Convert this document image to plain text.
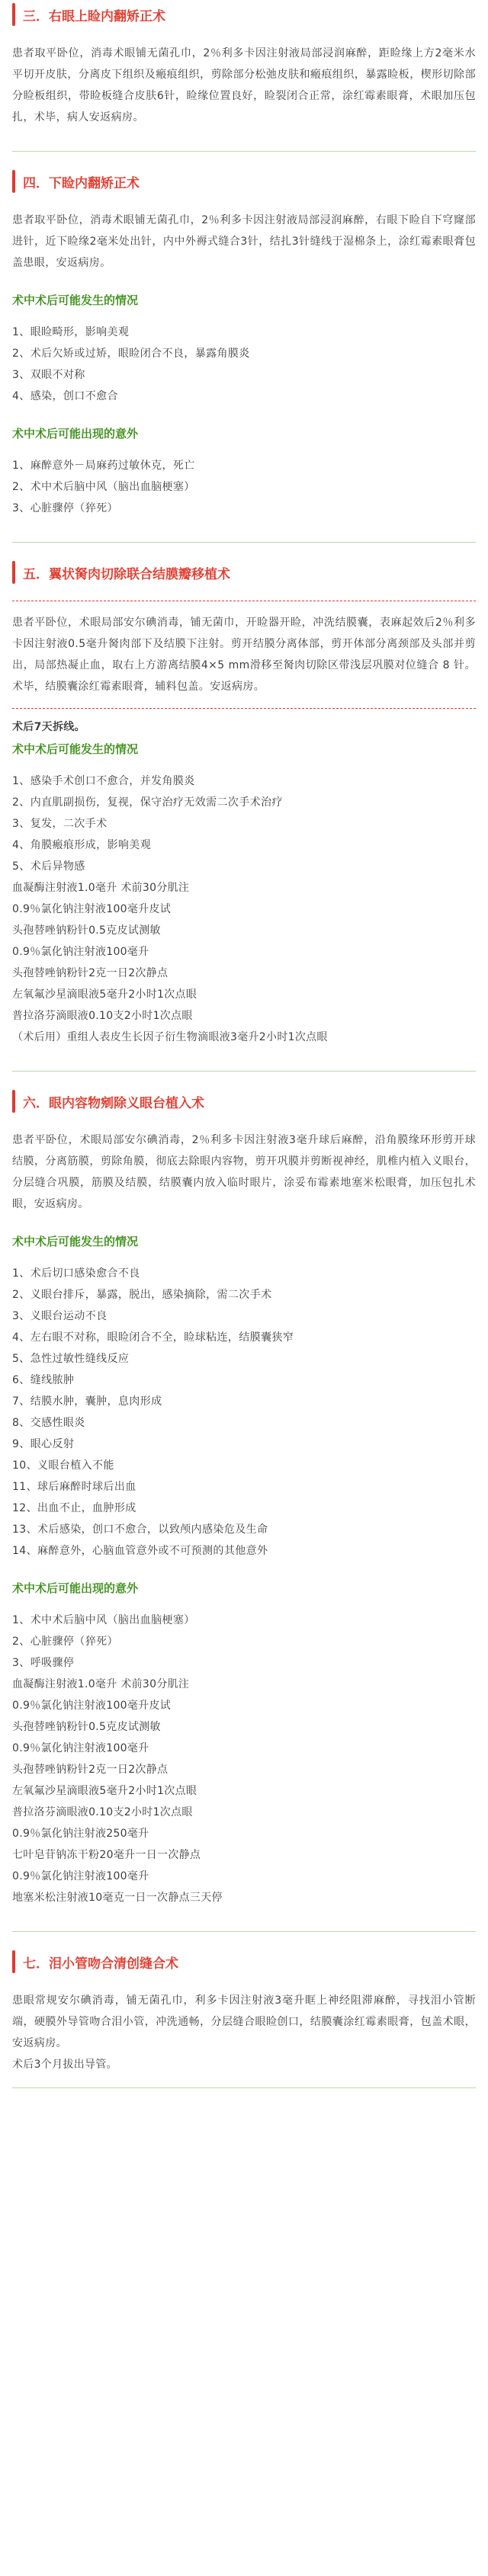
三．右眼上睑内翻矫正术

患者取平卧位，消毒术眼铺无菌孔巾，2％利多卡因注射液局部浸润麻醉，距睑缘上方2毫米水平切开皮肤，分离皮下组织及瘢痕组织，剪除部分松弛皮肤和瘢痕组织，暴露睑板，楔形切除部分睑板组织，带睑板缝合皮肤6针，睑缘位置良好，睑裂闭合正常，涂红霉素眼膏，术眼加压包扎，术毕，病人安返病房。

四．下睑内翻矫正术

患者取平卧位，消毒术眼铺无菌孔巾，2％利多卡因注射液局部浸润麻醉，右眼下睑自下穹窿部进针，近下睑缘2毫米处出针，内中外褥式缝合3针，结扎3针缝线于湿棉条上，涂红霉素眼膏包盖患眼，安返病房。

术中术后可能发生的情况
1、眼睑畸形，影响美观
2、术后欠矫或过矫，眼睑闭合不良，暴露角膜炎
3、双眼不对称
4、感染，创口不愈合
术中术后可能出现的意外
1、麻醉意外－局麻药过敏休克，死亡
2、术中术后脑中风（脑出血脑梗塞）
3、心脏骤停（猝死）
五．翼状胬肉切除联合结膜瓣移植术

患者平卧位，术眼局部安尔碘消毒，铺无菌巾，开睑器开睑，冲洗结膜囊，表麻起效后2％利多卡因注射液0.5毫升胬肉部下及结膜下注射。剪开结膜分离体部，剪开体部分离颈部及头部并剪出，局部热凝止血，取右上方游离结膜4×5 mm滑移至胬肉切除区带浅层巩膜对位缝合 8 针。术毕，结膜囊涂红霉素眼膏，辅料包盖。安返病房。

术后7天拆线。
术中术后可能发生的情况
1、感染手术创口不愈合，并发角膜炎
2、内直肌副损伤，复视，保守治疗无效需二次手术治疗
3、复发，二次手术
4、角膜瘢痕形成，影响美观
5、术后异物感
血凝酶注射液1.0毫升 术前30分肌注
0.9％氯化钠注射液100毫升皮试
头孢替唑钠粉针0.5克皮试测敏
0.9％氯化钠注射液100毫升
头孢替唑钠粉针2克一日2次静点
左氧氟沙星滴眼液5毫升2小时1次点眼
普拉洛芬滴眼液0.10支2小时1次点眼
（术后用）重组人表皮生长因子衍生物滴眼液3毫升2小时1次点眼
六．眼内容物剜除义眼台植入术

患者平卧位，术眼局部安尔碘消毒，2％利多卡因注射液3毫升球后麻醉，沿角膜缘环形剪开球结膜，分离筋膜，剪除角膜，彻底去除眼内容物，剪开巩膜并剪断视神经，肌椎内植入义眼台，分层缝合巩膜，筋膜及结膜，结膜囊内放入临时眼片，涂妥布霉素地塞米松眼膏，加压包扎术眼，安返病房。

术中术后可能发生的情况
1、术后切口感染愈合不良
2、义眼台排斥，暴露，脱出，感染摘除，需二次手术
3、义眼台运动不良
4、左右眼不对称，眼睑闭合不全，睑球粘连，结膜囊狭窄
5、急性过敏性缝线反应
6、缝线脓肿
7、结膜水肿，囊肿，息肉形成
8、交感性眼炎
9、眼心反射
10、义眼台植入不能
11、球后麻醉时球后出血
12、出血不止，血肿形成
13、术后感染，创口不愈合，以致颅内感染危及生命
14、麻醉意外，心脑血管意外或不可预测的其他意外
术中术后可能出现的意外
1、术中术后脑中风（脑出血脑梗塞）
2、心脏骤停（猝死）
3、呼吸骤停
血凝酶注射液1.0毫升 术前30分肌注
0.9％氯化钠注射液100毫升皮试
头孢替唑钠粉针0.5克皮试测敏
0.9％氯化钠注射液100毫升
头孢替唑钠粉针2克一日2次静点
左氧氟沙星滴眼液5毫升2小时1次点眼
普拉洛芬滴眼液0.10支2小时1次点眼
0.9％氯化钠注射液250毫升
七叶皂苷钠冻干粉20毫升一日一次静点
0.9％氯化钠注射液100毫升
地塞米松注射液10毫克一日一次静点三天停
七．泪小管吻合清创缝合术

患眼常规安尔碘消毒，铺无菌孔巾，利多卡因注射液3毫升眶上神经阻滞麻醉，寻找泪小管断端，硬膜外导管吻合泪小管，冲洗通畅，分层缝合眼睑创口，结膜囊涂红霉素眼膏，包盖术眼，安返病房。

术后3个月拔出导管。
